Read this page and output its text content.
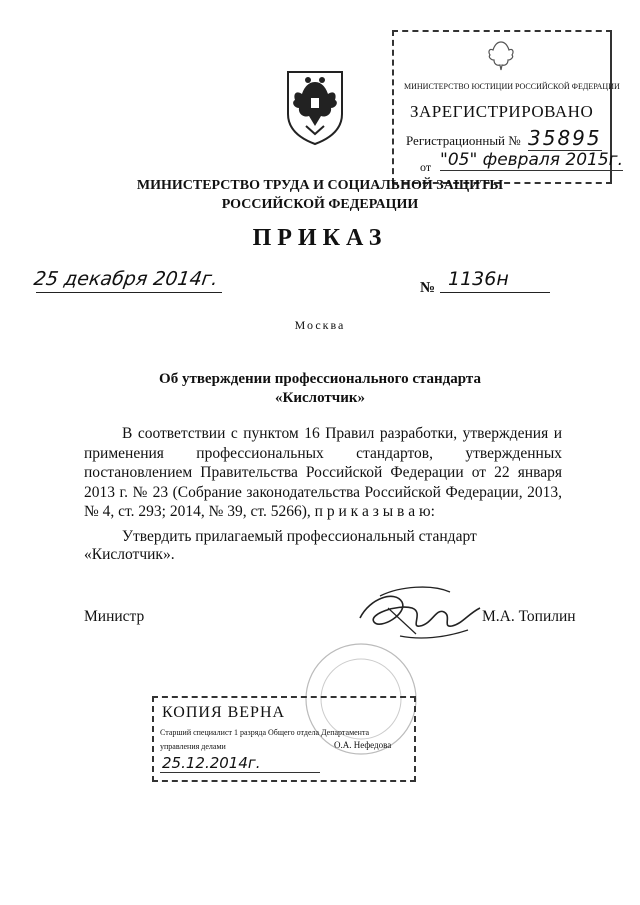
МИНИСТЕРСТВО ЮСТИЦИИ РОССИЙСКОЙ ФЕДЕРАЦИИ
ЗАРЕГИСТРИРОВАНО
Регистрационный № 35895
от "05" февраля 2015г.
МИНИСТЕРСТВО ТРУДА И СОЦИАЛЬНОЙ ЗАЩИТЫ
РОССИЙСКОЙ ФЕДЕРАЦИИ
ПРИКАЗ
25 декабря 2014г.	№ 1136н
Москва
Об утверждении профессионального стандарта
«Кислотчик»

В соответствии с пунктом 16 Правил разработки, утверждения и применения профессиональных стандартов, утвержденных постановлением Правительства Российской Федерации от 22 января 2013 г. № 23 (Собрание законодательства Российской Федерации, 2013, № 4, ст. 293; 2014, № 39, ст. 5266), п р и к а з ы в а ю:

Утвердить прилагаемый профессиональный стандарт «Кислотчик».
Министр	М.А. Топилин
КОПИЯ ВЕРНА
Старший специалист 1 разряда Общего отдела Департамента
управления делами	О.А. Нефедова
25.12.2014г.
